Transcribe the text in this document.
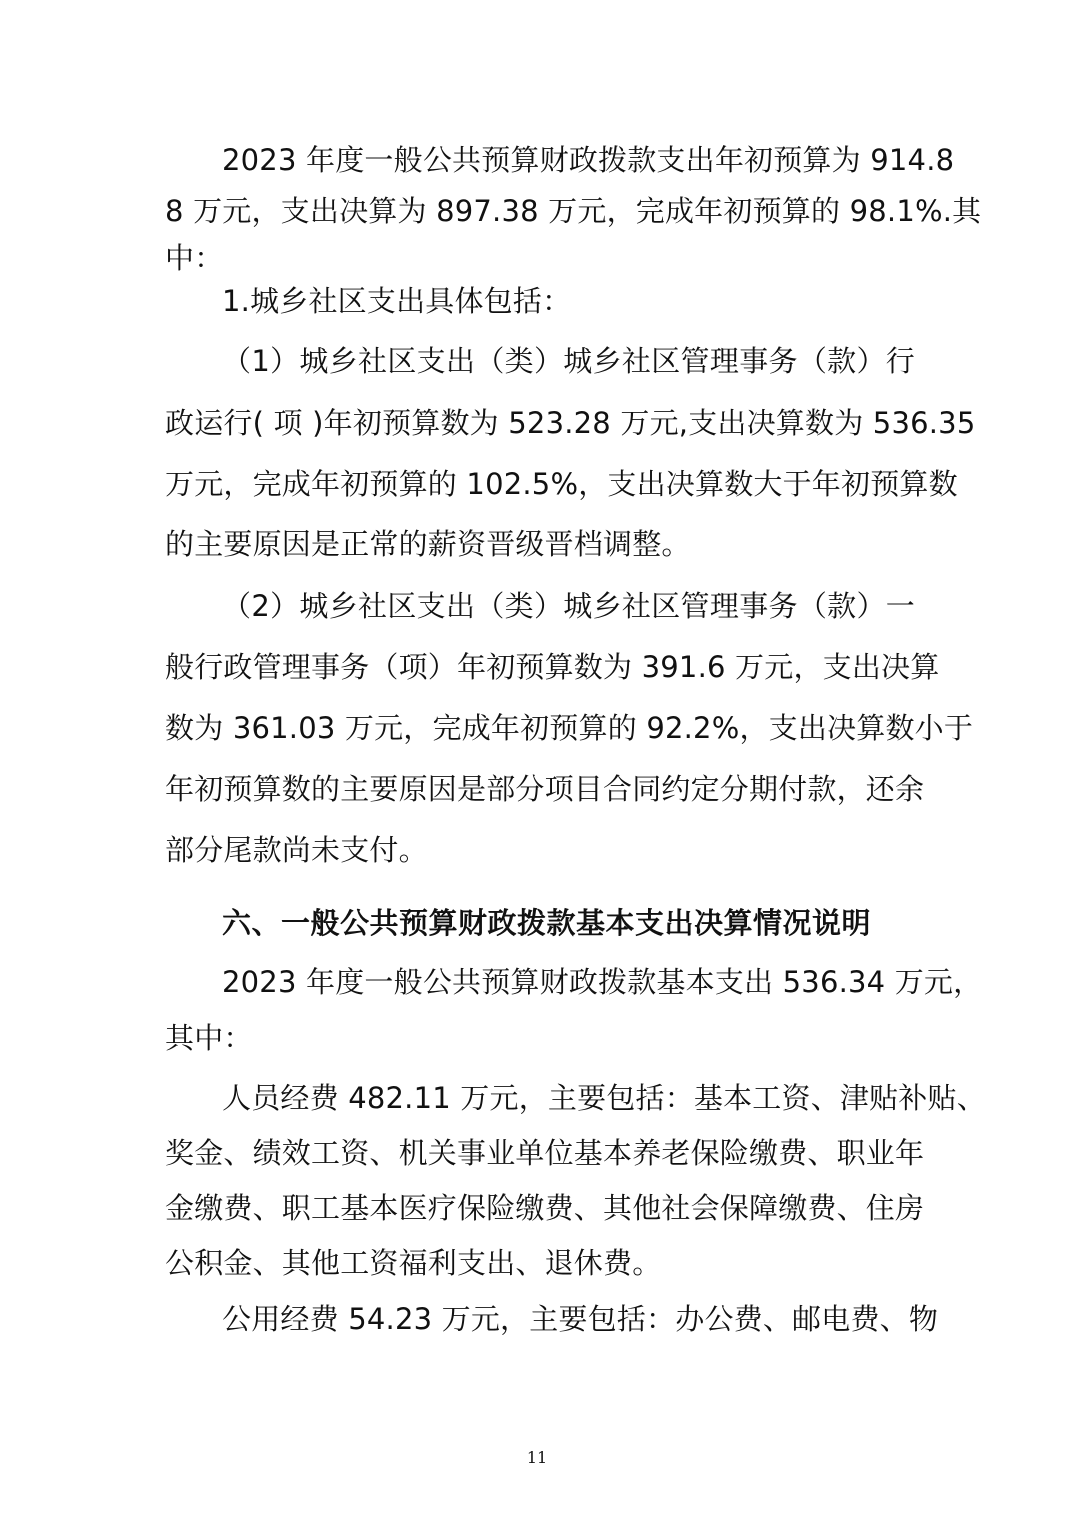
2023 年度一般公共预算财政拨款支出年初预算为 914.8
8 万元，支出决算为 897.38 万元，完成年初预算的 98.1%.其
中：
1.城乡社区支出具体包括：
（1）城乡社区支出（类）城乡社区管理事务（款）行
政运行( 项 )年初预算数为 523.28 万元,支出决算数为 536.35
万元，完成年初预算的 102.5%，支出决算数大于年初预算数
的主要原因是正常的薪资晋级晋档调整。
（2）城乡社区支出（类）城乡社区管理事务（款）一
般行政管理事务（项）年初预算数为 391.6 万元，支出决算
数为 361.03 万元，完成年初预算的 92.2%，支出决算数小于
年初预算数的主要原因是部分项目合同约定分期付款，还余
部分尾款尚未支付。
六、一般公共预算财政拨款基本支出决算情况说明
2023 年度一般公共预算财政拨款基本支出 536.34 万元，
其中：
人员经费 482.11 万元，主要包括：基本工资、津贴补贴、
奖金、绩效工资、机关事业单位基本养老保险缴费、职业年
金缴费、职工基本医疗保险缴费、其他社会保障缴费、住房
公积金、其他工资福利支出、退休费。
公用经费 54.23 万元，主要包括：办公费、邮电费、物
11
